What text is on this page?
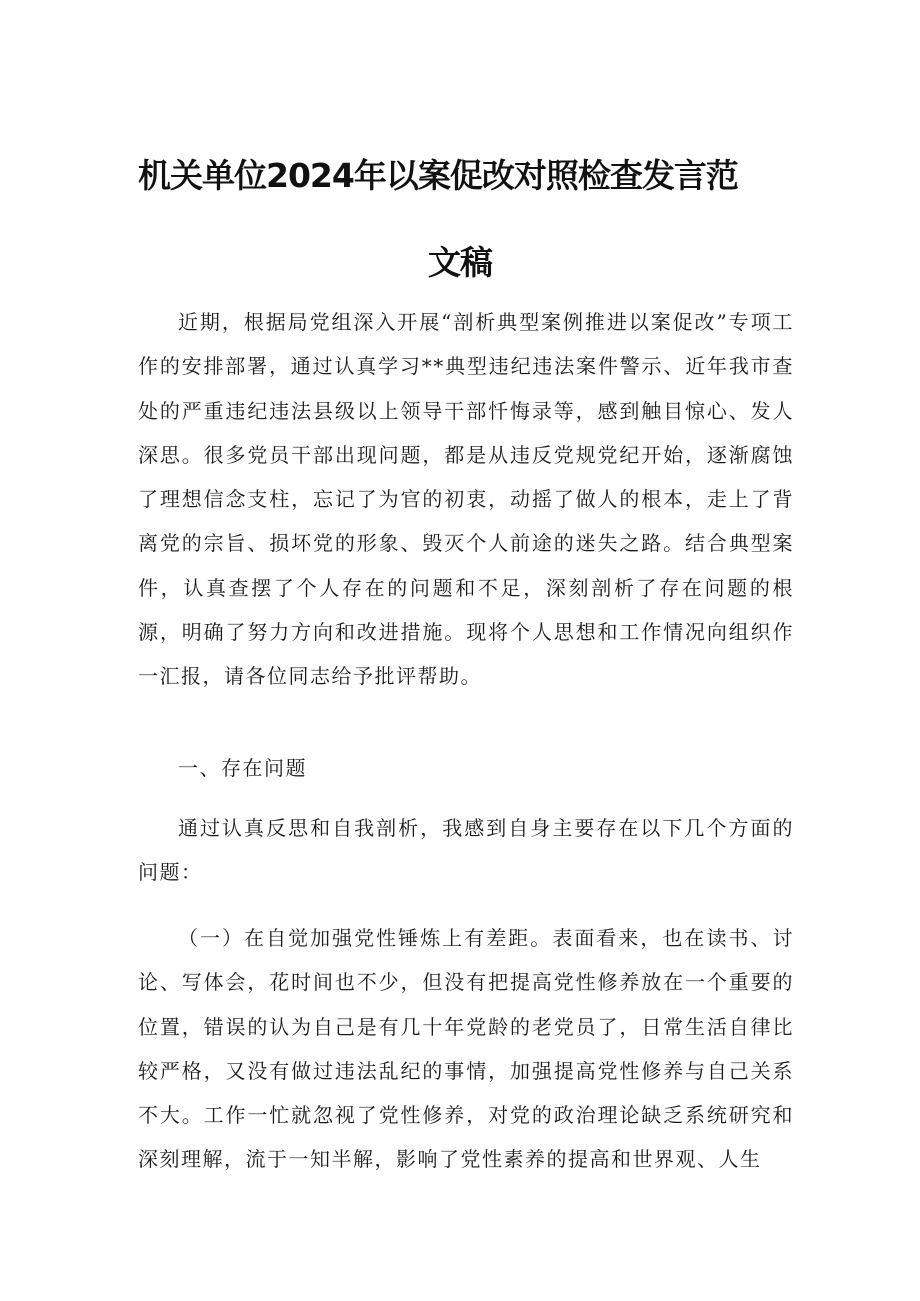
机关单位2024年以案促改对照检查发言范
文稿

近期，根据局党组深入开展“剖析典型案例推进以案促改”专项工作的安排部署，通过认真学习**典型违纪违法案件警示、近年我市查处的严重违纪违法县级以上领导干部忏悔录等，感到触目惊心、发人深思。很多党员干部出现问题，都是从违反党规党纪开始，逐渐腐蚀了理想信念支柱，忘记了为官的初衷，动摇了做人的根本，走上了背离党的宗旨、损坏党的形象、毁灭个人前途的迷失之路。结合典型案件，认真查摆了个人存在的问题和不足，深刻剖析了存在问题的根源，明确了努力方向和改进措施。现将个人思想和工作情况向组织作一汇报，请各位同志给予批评帮助。

一、存在问题

通过认真反思和自我剖析，我感到自身主要存在以下几个方面的问题：

（一）在自觉加强党性锤炼上有差距。表面看来，也在读书、讨论、写体会，花时间也不少，但没有把提高党性修养放在一个重要的位置，错误的认为自己是有几十年党龄的老党员了，日常生活自律比较严格，又没有做过违法乱纪的事情，加强提高党性修养与自己关系不大。工作一忙就忽视了党性修养，对党的政治理论缺乏系统研究和深刻理解，流于一知半解，影响了党性素养的提高和世界观、人生
